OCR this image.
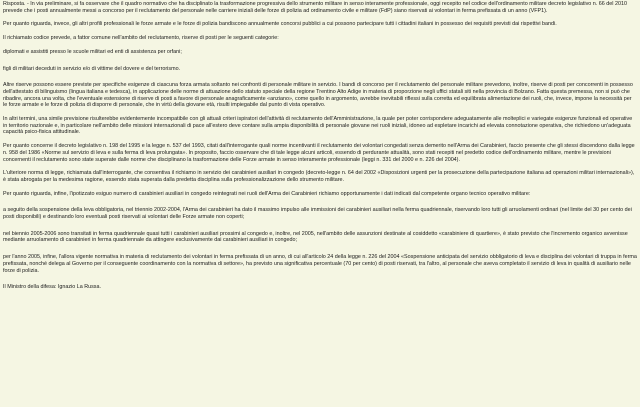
Risposta. - In via preliminare, si fa osservare che il quadro normativo che ha disciplinato la trasformazione progressiva dello strumento militare in senso interamente professionale, oggi recepito nel codice dell'ordinamento militare decreto legislativo n. 66 del 2010 prevede che i posti annualmente messi a concorso per il reclutamento del personale nelle carriere iniziali delle forze di polizia ad ordinamento civile e militare (FdP) siano riservati ai volontari in ferma prefissata di un anno (VFP1).

Per quanto riguarda, invece, gli altri profili professionali le forze armate e le forze di polizia bandiscono annualmente concorsi pubblici a cui possono partecipare tutti i cittadini italiani in possesso dei requisiti previsti dai rispettivi bandi.

Il richiamato codice prevede, a fattor comune nell'ambito del reclutamento, riserve di posti per le seguenti categorie:

diplomati e assistiti presso le scuole militari ed enti di assistenza per orfani;

figli di militari deceduti in servizio e/o di vittime del dovere e del terrorismo.

Altre riserve possono essere previste per specifiche esigenze di ciascuna forza armata soltanto nei confronti di personale militare in servizio. I bandi di concorso per il reclutamento del personale militare prevedono, inoltre, riserve di posti per concorrenti in possesso dell'attestato di bilinguismo (lingua italiana e tedesca), in applicazione delle norme di attuazione dello statuto speciale della regione Trentino Alto Adige in materia di proporzione negli uffici statali siti nella provincia di Bolzano. Fatta questa premessa, non si può che ribadire, ancora una volta, che l'eventuale estensione di riserve di posti a favore di personale anagraficamente «anziano», come quello in argomento, avrebbe inevitabili riflessi sulla corretta ed equilibrata alimentazione dei ruoli, che, invece, impone la necessità per le forze armate e le forze di polizia di disporre di personale, che in virtù della giovane età, risulti impiegabile dal punto di vista operativo.

In altri termini, una simile previsione risulterebbe evidentemente incompatibile con gli attuali criteri ispiratori dell'attività di reclutamento dell'Amministrazione, la quale per poter corrispondere adeguatamente alle molteplici e variegate esigenze funzionali ed operative in territorio nazionale e, in particolare nell'ambito delle missioni internazionali di pace all'estero deve contare sulla ampia disponibilità di personale giovane nei ruoli iniziali, idoneo ad espletare incarichi ad elevata connotazione operativa, che richiedono un'adeguata capacità psico-fisica attitudinale.

Per quanto concerne il decreto legislativo n. 198 del 1995 e la legge n. 537 del 1993, citati dall'interrogante quali norme incentivanti il reclutamento dei volontari congedati senza demerito nell'Arma dei Carabinieri, faccio presente che gli stessi discendono dalla legge n. 958 del 1986 «Norme sul servizio di leva e sulla ferma di leva prolungata». In proposito, faccio osservare che di tale legge alcuni articoli, essendo di perdurante attualità, sono stati recepiti nel predetto codice dell'ordinamento militare, mentre le previsioni concernenti il reclutamento sono state superate dalle norme che disciplinano la trasformazione delle Forze armate in senso interamente professionale (leggi n. 331 del 2000 e n. 226 del 2004).

L'ulteriore norma di legge, richiamata dall'interrogante, che consentiva il richiamo in servizio dei carabinieri ausiliari in congedo (decreto-legge n. 64 del 2002 «Disposizioni urgenti per la prosecuzione della partecipazione italiana ad operazioni militari internazionali»), è stata abrogata per la medesima ragione, essendo stata superata dalla predetta disciplina sulla professionalizzazione dello strumento militare.

Per quanto riguarda, infine, l'ipotizzato esiguo numero di carabinieri ausiliari in congedo reintegrati nei ruoli dell'Arma dei Carabinieri richiamo opportunamente i dati indicati dal competente organo tecnico operativo militare:

a seguito della sospensione della leva obbligatoria, nel triennio 2002-2004, l'Arma dei carabinieri ha dato il massimo impulso alle immissioni dei carabinieri ausiliari nella ferma quadriennale, riservando loro tutti gli arruolamenti ordinari (nel limite del 30 per cento dei posti disponibili) e destinando loro eventuali posti riservati ai volontari delle Forze armate non coperti;

nel biennio 2005-2006 sono transitati in ferma quadriennale quasi tutti i carabinieri ausiliari prossimi al congedo e, inoltre, nel 2005, nell'ambito delle assunzioni destinate al cosiddetto «carabiniere di quartiere», è stato previsto che l'incremento organico avvenisse mediante arruolamento di carabinieri in ferma quadriennale da attingere esclusivamente dai carabinieri ausiliari in congedo;

per l'anno 2005, infine, l'allora vigente normativa in materia di reclutamento dei volontari in ferma prefissata di un anno, di cui all'articolo 24 della legge n. 226 del 2004 «Sospensione anticipata del servizio obbligatorio di leva e disciplina dei volontari di truppa in ferma prefissata, nonché delega al Governo per il conseguente coordinamento con la normativa di settore», ha previsto una significativa percentuale (70 per cento) di posti riservati, tra l'altro, al personale che aveva completato il servizio di leva in qualità di ausiliario nelle forze di polizia.

Il Ministro della difesa: Ignazio La Russa.
